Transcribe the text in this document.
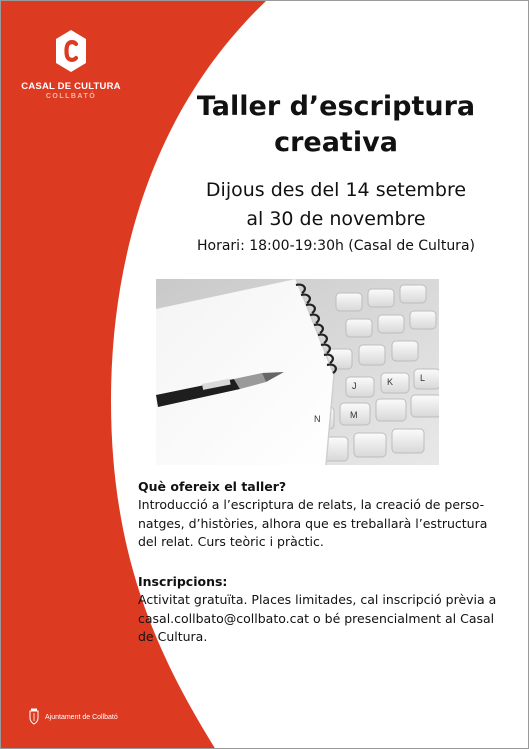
CASAL DE CULTURA
COLLBATÓ	Taller d’escriptura
creativa
Dijous des del 14 setembre
al 30 de novembre
Horari: 18:00-19:30h (Casal de Cultura)
N	M
J	K	L
Què ofereix el taller?
Introducció a l’escriptura de relats, la creació de perso-
natges, d’històries, alhora que es treballarà l’estructura
del relat. Curs teòric i pràctic.
Inscripcions:
Activitat gratuïta. Places limitades, cal inscripció prèvia a
casal.collbato@collbato.cat o bé presencialment al Casal
de Cultura.
Ajuntament de Collbató
